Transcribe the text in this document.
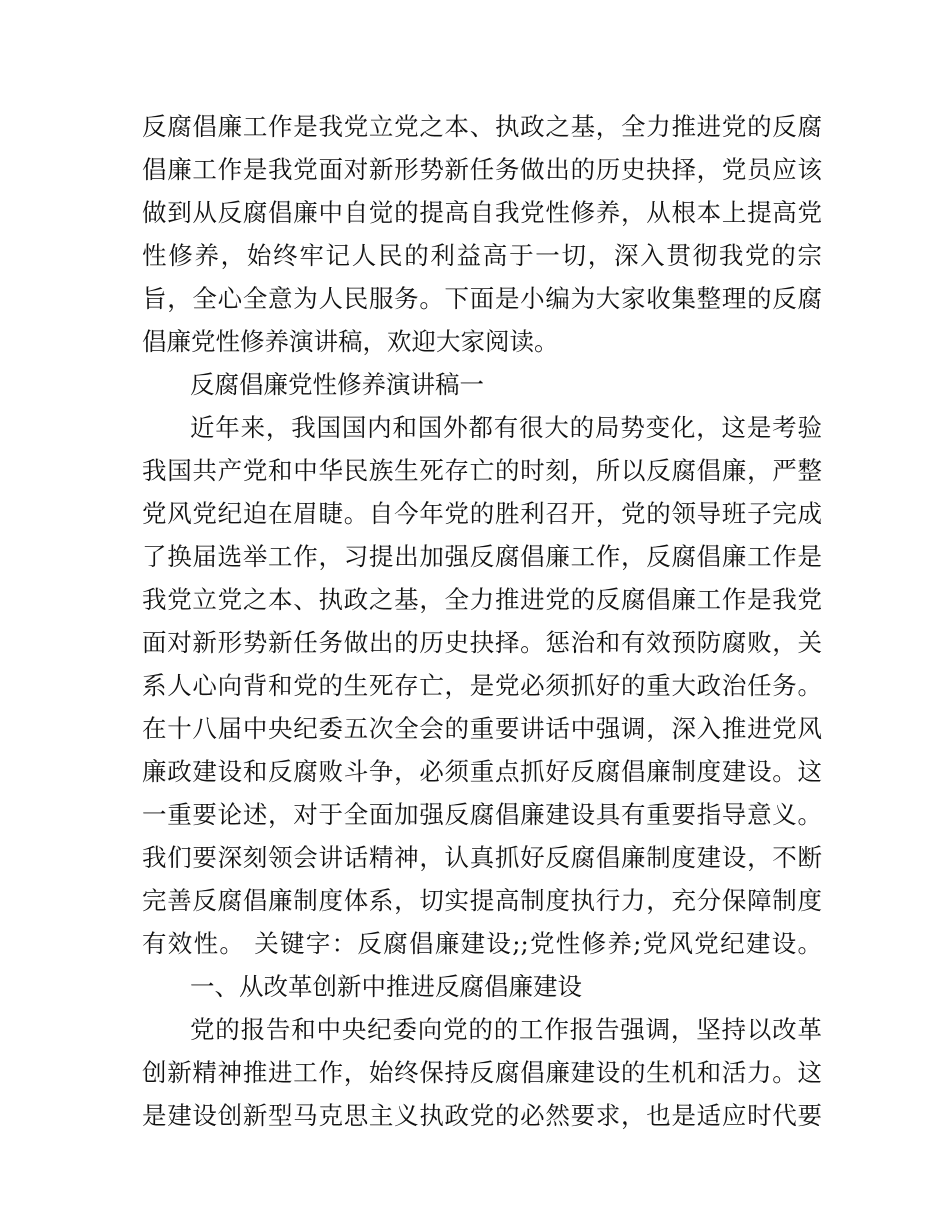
反腐倡廉工作是我党立党之本、执政之基，全力推进党的反腐
倡廉工作是我党面对新形势新任务做出的历史抉择，党员应该
做到从反腐倡廉中自觉的提高自我党性修养，从根本上提高党
性修养，始终牢记人民的利益高于一切，深入贯彻我党的宗
旨，全心全意为人民服务。下面是小编为大家收集整理的反腐
倡廉党性修养演讲稿，欢迎大家阅读。
反腐倡廉党性修养演讲稿一
近年来，我国国内和国外都有很大的局势变化，这是考验
我国共产党和中华民族生死存亡的时刻，所以反腐倡廉，严整
党风党纪迫在眉睫。自今年党的胜利召开，党的领导班子完成
了换届选举工作，习提出加强反腐倡廉工作，反腐倡廉工作是
我党立党之本、执政之基，全力推进党的反腐倡廉工作是我党
面对新形势新任务做出的历史抉择。惩治和有效预防腐败，关
系人心向背和党的生死存亡，是党必须抓好的重大政治任务。
在十八届中央纪委五次全会的重要讲话中强调，深入推进党风
廉政建设和反腐败斗争，必须重点抓好反腐倡廉制度建设。这
一重要论述，对于全面加强反腐倡廉建设具有重要指导意义。
我们要深刻领会讲话精神，认真抓好反腐倡廉制度建设，不断
完善反腐倡廉制度体系，切实提高制度执行力，充分保障制度
有效性。 关键字：反腐倡廉建设;;党性修养;党风党纪建设。
一、从改革创新中推进反腐倡廉建设
党的报告和中央纪委向党的的工作报告强调，坚持以改革
创新精神推进工作，始终保持反腐倡廉建设的生机和活力。这
是建设创新型马克思主义执政党的必然要求，也是适应时代要
